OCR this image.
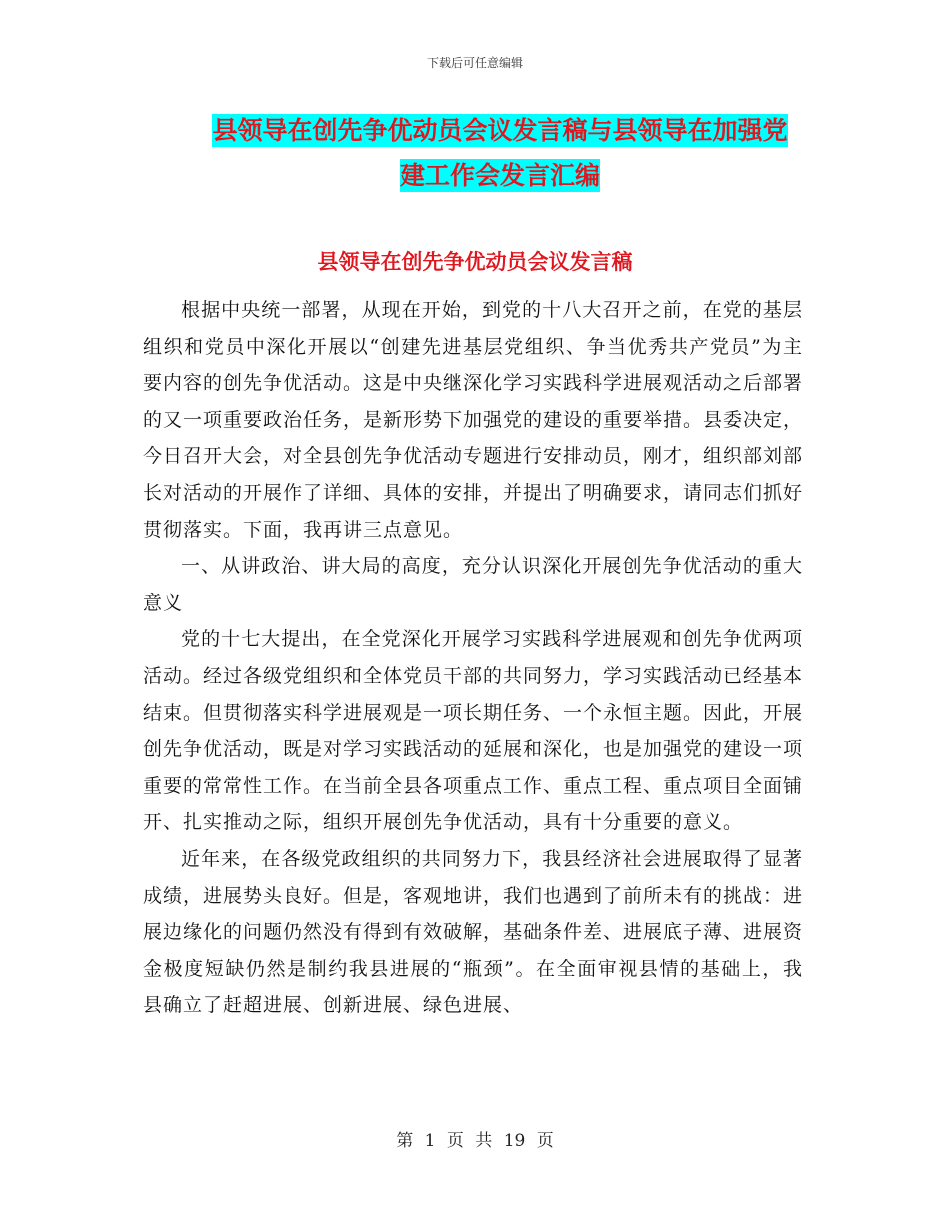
下载后可任意编辑
县领导在创先争优动员会议发言稿与县领导在加强党
建工作会发言汇编
县领导在创先争优动员会议发言稿

根据中央统一部署，从现在开始，到党的十八大召开之前，在党的基层组织和党员中深化开展以“创建先进基层党组织、争当优秀共产党员”为主要内容的创先争优活动。这是中央继深化学习实践科学进展观活动之后部署的又一项重要政治任务，是新形势下加强党的建设的重要举措。县委决定，今日召开大会，对全县创先争优活动专题进行安排动员，刚才，组织部刘部长对活动的开展作了详细、具体的安排，并提出了明确要求，请同志们抓好贯彻落实。下面，我再讲三点意见。

一、从讲政治、讲大局的高度，充分认识深化开展创先争优活动的重大意义

党的十七大提出，在全党深化开展学习实践科学进展观和创先争优两项活动。经过各级党组织和全体党员干部的共同努力，学习实践活动已经基本结束。但贯彻落实科学进展观是一项长期任务、一个永恒主题。因此，开展创先争优活动，既是对学习实践活动的延展和深化，也是加强党的建设一项重要的常常性工作。在当前全县各项重点工作、重点工程、重点项目全面铺开、扎实推动之际，组织开展创先争优活动，具有十分重要的意义。

近年来，在各级党政组织的共同努力下，我县经济社会进展取得了显著成绩，进展势头良好。但是，客观地讲，我们也遇到了前所未有的挑战：进展边缘化的问题仍然没有得到有效破解，基础条件差、进展底子薄、进展资金极度短缺仍然是制约我县进展的“瓶颈”。在全面审视县情的基础上，我县确立了赶超进展、创新进展、绿色进展、

第 1 页 共 19 页
